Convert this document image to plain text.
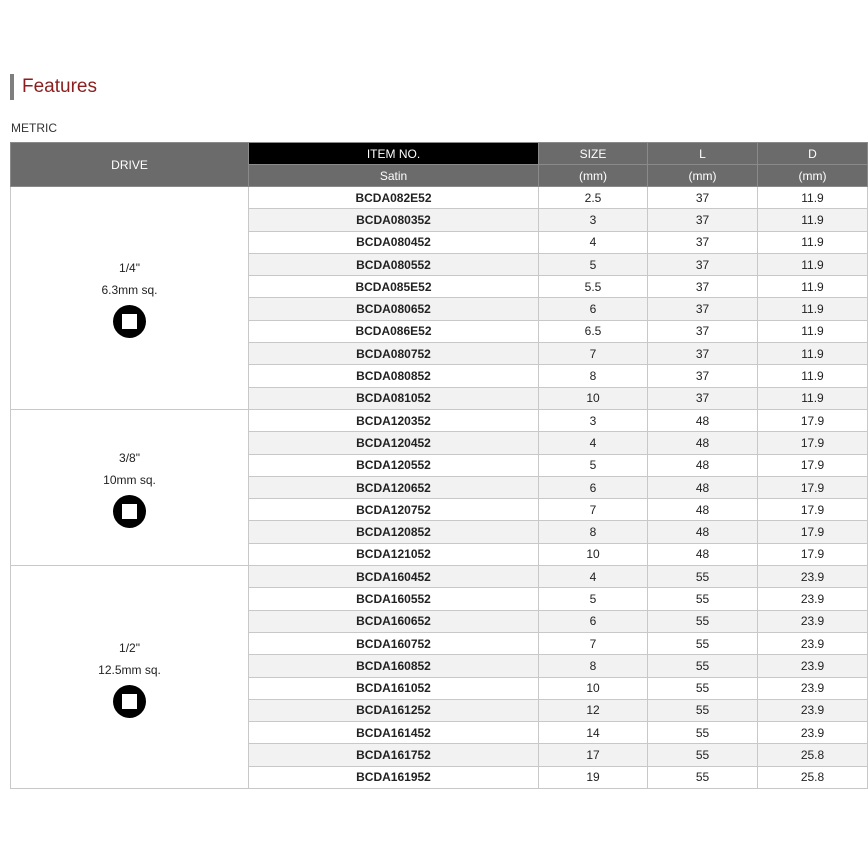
Features
METRIC
DRIVE	ITEM NO.	SIZE	L	D
	Satin	(mm)	(mm)	(mm)

1/4"
6.3mm sq.	BCDA082E52	2.5	37	11.9
	BCDA080352	3	37	11.9
	BCDA080452	4	37	11.9
	BCDA080552	5	37	11.9
	BCDA085E52	5.5	37	11.9
	BCDA080652	6	37	11.9
	BCDA086E52	6.5	37	11.9
	BCDA080752	7	37	11.9
	BCDA080852	8	37	11.9
	BCDA081052	10	37	11.9

3/8"
10mm sq.	BCDA120352	3	48	17.9
	BCDA120452	4	48	17.9
	BCDA120552	5	48	17.9
	BCDA120652	6	48	17.9
	BCDA120752	7	48	17.9
	BCDA120852	8	48	17.9
	BCDA121052	10	48	17.9

1/2"
12.5mm sq.	BCDA160452	4	55	23.9
	BCDA160552	5	55	23.9
	BCDA160652	6	55	23.9
	BCDA160752	7	55	23.9
	BCDA160852	8	55	23.9
	BCDA161052	10	55	23.9
	BCDA161252	12	55	23.9
	BCDA161452	14	55	23.9
	BCDA161752	17	55	25.8
	BCDA161952	19	55	25.8
